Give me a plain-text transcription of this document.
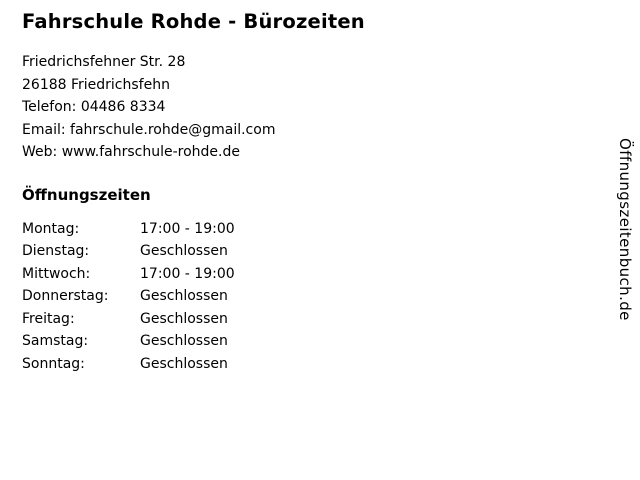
Fahrschule Rohde - Bürozeiten
Friedrichsfehner Str. 28
26188 Friedrichsfehn
Telefon: 04486 8334
Email: fahrschule.rohde@gmail.com
Web: www.fahrschule-rohde.de
Öffnungszeiten
Montag:	17:00 - 19:00
Dienstag:	Geschlossen
Mittwoch:	17:00 - 19:00
Donnerstag:	Geschlossen
Freitag:	Geschlossen
Samstag:	Geschlossen
Sonntag:	Geschlossen
Öffnungszeitenbuch.de
